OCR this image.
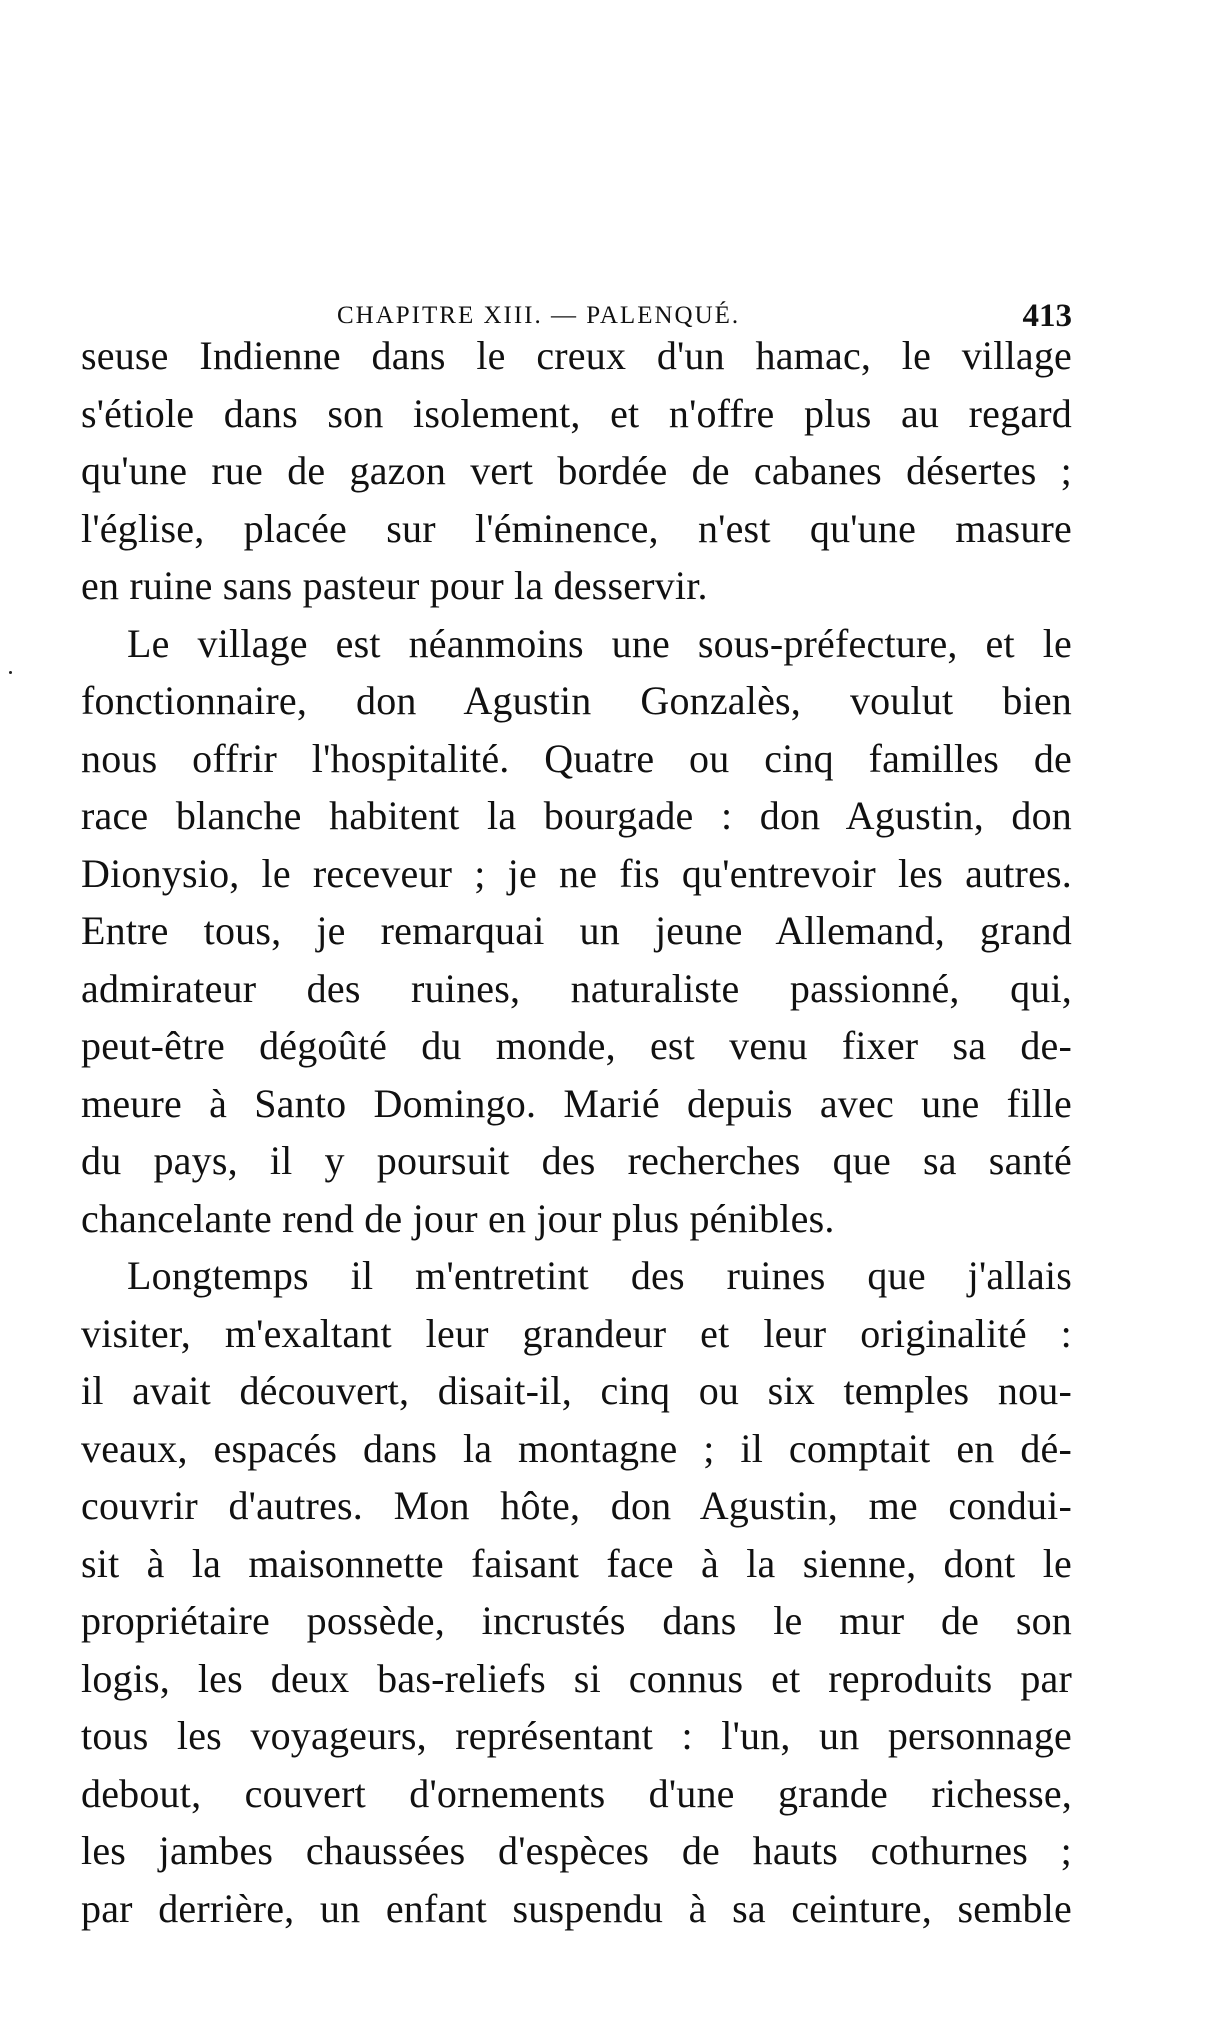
CHAPITRE XIII. — PALENQUÉ.	413
seuse Indienne dans le creux d'un hamac, le village
s'étiole dans son isolement, et n'offre plus au regard
qu'une rue de gazon vert bordée de cabanes désertes ;
l'église, placée sur l'éminence, n'est qu'une masure
en ruine sans pasteur pour la desservir.
Le village est néanmoins une sous-préfecture, et le
fonctionnaire, don Agustin Gonzalès, voulut bien
nous offrir l'hospitalité. Quatre ou cinq familles de
race blanche habitent la bourgade : don Agustin, don
Dionysio, le receveur ; je ne fis qu'entrevoir les autres.
Entre tous, je remarquai un jeune Allemand, grand
admirateur des ruines, naturaliste passionné, qui,
peut-être dégoûté du monde, est venu fixer sa de-
meure à Santo Domingo. Marié depuis avec une fille
du pays, il y poursuit des recherches que sa santé
chancelante rend de jour en jour plus pénibles.
Longtemps il m'entretint des ruines que j'allais
visiter, m'exaltant leur grandeur et leur originalité :
il avait découvert, disait-il, cinq ou six temples nou-
veaux, espacés dans la montagne ; il comptait en dé-
couvrir d'autres. Mon hôte, don Agustin, me condui-
sit à la maisonnette faisant face à la sienne, dont le
propriétaire possède, incrustés dans le mur de son
logis, les deux bas-reliefs si connus et reproduits par
tous les voyageurs, représentant : l'un, un personnage
debout, couvert d'ornements d'une grande richesse,
les jambes chaussées d'espèces de hauts cothurnes ;
par derrière, un enfant suspendu à sa ceinture, semble
